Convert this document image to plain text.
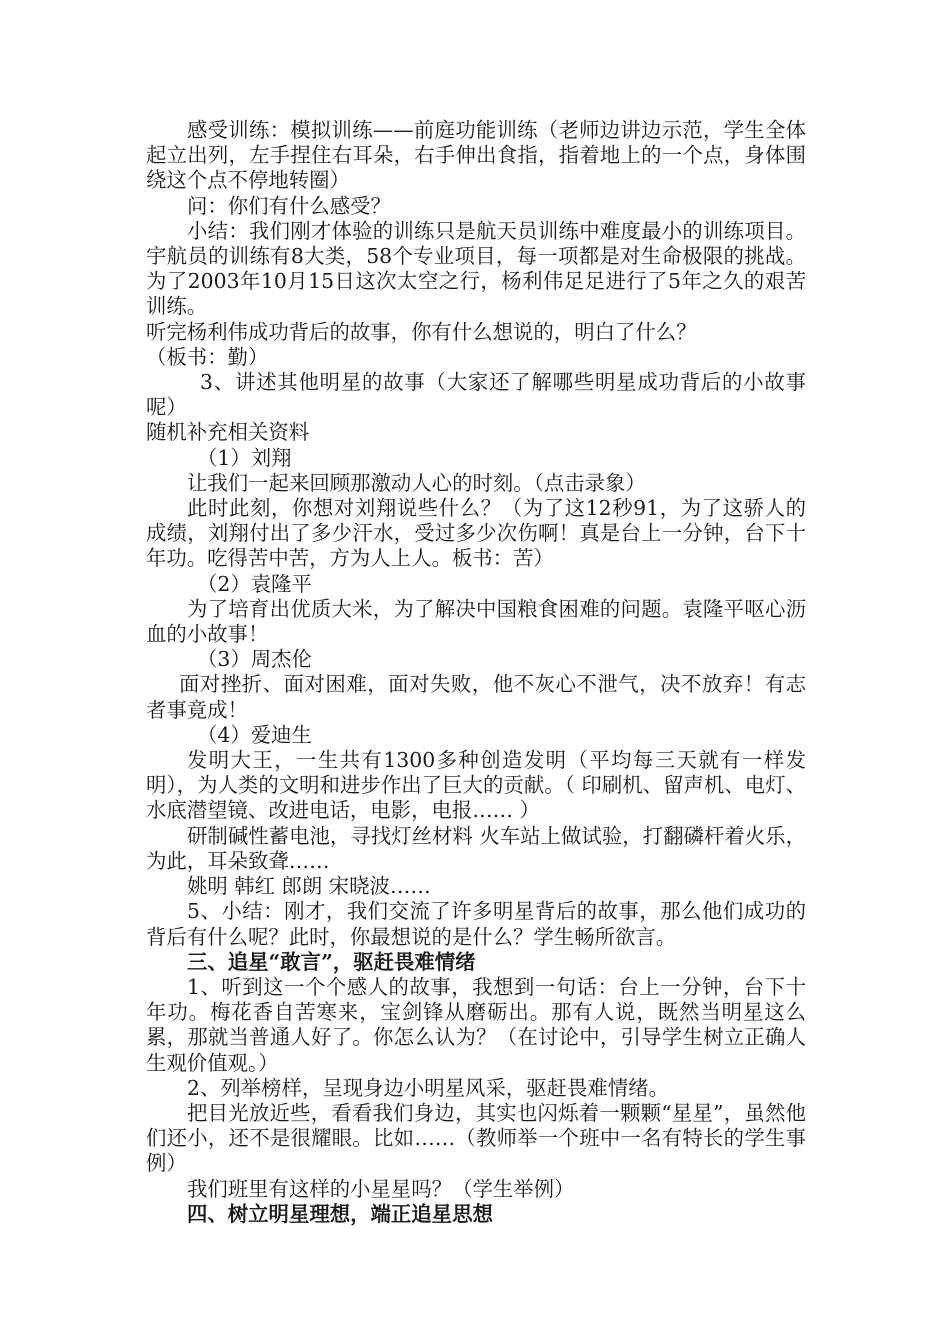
感受训练：模拟训练——前庭功能训练（老师边讲边示范，学生全体起立出列，左手捏住右耳朵，右手伸出食指，指着地上的一个点，身体围绕这个点不停地转圈）

问：你们有什么感受？

小结：我们刚才体验的训练只是航天员训练中难度最小的训练项目。宇航员的训练有8大类，58个专业项目，每一项都是对生命极限的挑战。为了2003年10月15日这次太空之行，杨利伟足足进行了5年之久的艰苦训练。

听完杨利伟成功背后的故事，你有什么想说的，明白了什么？

（板书：勤）

3、讲述其他明星的故事（大家还了解哪些明星成功背后的小故事呢）

随机补充相关资料

（1）刘翔

让我们一起来回顾那激动人心的时刻。（点击录象）

此时此刻，你想对刘翔说些什么？（为了这12秒91，为了这骄人的成绩，刘翔付出了多少汗水，受过多少次伤啊！真是台上一分钟，台下十年功。吃得苦中苦，方为人上人。板书：苦）

（2）袁隆平

为了培育出优质大米，为了解决中国粮食困难的问题。袁隆平呕心沥血的小故事！

（3）周杰伦

面对挫折、面对困难，面对失败，他不灰心不泄气，决不放弃！有志者事竟成！

（4）爱迪生

发明大王，一生共有1300多种创造发明（平均每三天就有一样发明），为人类的文明和进步作出了巨大的贡献。（ 印刷机、留声机、电灯、水底潜望镜、改进电话，电影，电报…… ）

研制碱性蓄电池，寻找灯丝材料 火车站上做试验，打翻磷杆着火乐，为此，耳朵致聋……

姚明 韩红 郎朗 宋晓波……

5、小结：刚才，我们交流了许多明星背后的故事，那么他们成功的背后有什么呢？此时，你最想说的是什么？学生畅所欲言。

三、追星“敢言”，驱赶畏难情绪

1、听到这一个个感人的故事，我想到一句话：台上一分钟，台下十年功。梅花香自苦寒来，宝剑锋从磨砺出。那有人说，既然当明星这么累，那就当普通人好了。你怎么认为？（在讨论中，引导学生树立正确人生观价值观。）

2、列举榜样，呈现身边小明星风采，驱赶畏难情绪。

把目光放近些，看看我们身边，其实也闪烁着一颗颗“星星”，虽然他们还小，还不是很耀眼。比如……（教师举一个班中一名有特长的学生事例）

我们班里有这样的小星星吗？（学生举例）

四、树立明星理想，端正追星思想
